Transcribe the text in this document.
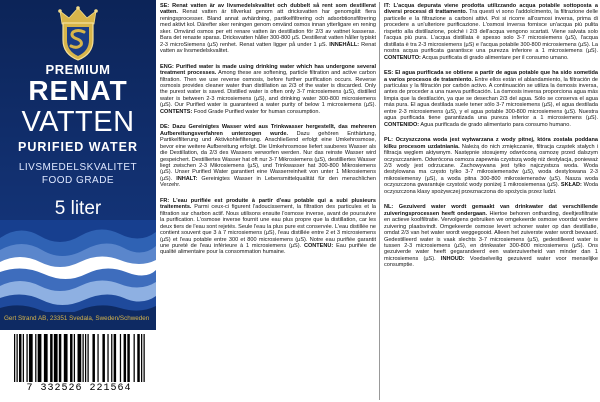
PREMIUM
RENAT
VATTEN
PURIFIED WATER
LIVSMEDELSKVALITET
FOOD GRADE
5 liter
Gert Strand AB, 23351 Svedala, Sweden/Schweden
7 332526 221564
SE: Renat vatten är av livsmedelskvalitet och dubbelt så rent som destillerat vatten. Renat vatten är tillverkat genom att dricksvatten har genomgått flera reningsprocesser. Bland annat avhärdning, partikelfiltrering och adsorbtionsfiltrering med aktivt kol. Därefter sker reningen genom omvänd osmos innan ytterligare en rening sker. Omvänd osmos per ett renare vatten än destillation för 2/3 av vattnet kasseras. Bara det renaste sparas. Dricksvatten håller 300-800 µS. Destillerat vatten håller typiskt 2-3 microSiemens (µS) renhet. Renat vatten ligger på under 1 µS. INNEHÅLL: Renat vatten av livsmedelskvalitet.
ENG: Purified water is made using drinking water which has undergone several treatment processes. Among these are softening, particle filtration and active carbon filtration. Then we use reverse osmosis, before further purification occurs. Reverse osmosis provides cleaner water than distillation as 2/3 of the water is discarded. Only the purest water is saved. Distilled water is often only 3-7 microsiemens (µS), distilled water is between 2-3 microsiemens (µS), and drinking water 300-800 microsiemens (µS). Our Purified water is guaranteed a water purity of below 1 microsiemens (µS). CONTENTS: Food Grade Purified water for human consumption.
DE: Dazu Gereinigtes Wasser wird aus Trinkwasser hergestellt, das mehreren Aufbereitungsverfahren unterzogen wurde. Dazu gehören Enthärtung, Partikelfilterung und Aktivkohlefilterung. Anschließend erfolgt eine Umkehrosmose, bevor eine weitere Aufbereitung erfolgt. Die Umkehrosmose liefert sauberes Wasser als die Destillation, da 2/3 des Wassers verworfen werden. Nur das reinste Wasser wird gespeichert. Destilliertes Wasser hat oft nur 3-7 Mikrosiemens (µS), destilliertes Wasser liegt zwischen 2-3 Mikrosiemens (µS), und Trinkwasser hat 300-800 Mikrosiemens (µS). Unser Purified Water garantiert eine Wasserreinheit von unter 1 Mikrosiemens (µS). INHALT: Gereinigtes Wasser in Lebensmittelqualität für den menschlichen Verzehr.
FR: L'eau purifiée est produite à partir d'eau potable qui a subi plusieurs traitements. Parmi ceux-ci figurent l'adoucissement, la filtration des particules et la filtration sur charbon actif. Nous utilisons ensuite l'osmose inverse, avant de poursuivre la purification. L'osmose inverse fournit une eau plus propre que la distillation, car les deux tiers de l'eau sont rejetés. Seule l'eau la plus pure est conservée. L'eau distillée ne contient souvent que 3 à 7 microsiemens (µS), l'eau distillée entre 2 et 3 microsiemens (µS) et l'eau potable entre 300 et 800 microsiemens (µS). Notre eau purifiée garantit une pureté de l'eau inférieure à 1 microsiemens (µS). CONTENU: Eau purifiée de qualité alimentaire pour la consommation humaine.
IT: L'acqua depurata viene prodotta utilizzando acqua potabile sottoposta a diversi processi di trattamento. Tra questi vi sono l'addolcimento, la filtrazione delle particelle e la filtrazione a carboni attivi. Poi si ricorre all'osmosi inversa, prima di procedere a un'ulteriore purificazione. L'osmosi inversa fornisce un'acqua più pulita rispetto alla distillazione, poiché i 2/3 dell'acqua vengono scartati. Viene salvata solo l'acqua più pura. L'acqua distillata è spesso solo 3-7 microsiemens (µS), l'acqua distillata è tra 2-3 microsiemens (µS) e l'acqua potabile 300-800 microsiemens (µS). La nostra acqua purificata garantisce una purezza inferiore a 1 microsiemens (µS). CONTENUTO: Acqua purificata di grado alimentare per il consumo umano.
ES: El agua purificada se obtiene a partir de agua potable que ha sido sometida a varios procesos de tratamiento. Entre ellos están el ablandamiento, la filtración de partículas y la filtración por carbón activo. A continuación se utiliza la ósmosis inversa, antes de proceder a una nueva purificación. La ósmosis inversa proporciona agua más limpia que la destilación, ya que se desechan 2/3 del agua. Sólo se conserva el agua más pura. El agua destilada suele tener sólo 3-7 microsiemens (µS), el agua destilada entre 2-3 microsiemens (µS), y el agua potable 300-800 microsiemens (µS). Nuestra agua purificada tiene garantizada una pureza inferior a 1 microsiemens (µS). CONTENIDO: Agua purificada de grado alimentario para consumo humano.
PL: Oczyszczona woda jest wytwarzana z wody pitnej, która została poddana kilku procesom uzdatniania. Należą do nich zmiękczanie, filtracja cząstek stałych i filtracja węglem aktywnym. Następnie stosujemy odwróconą osmozę przed dalszym oczyszczaniem. Odwrócona osmoza zapewnia czystszą wodę niż destylacja, ponieważ 2/3 wody jest odrzucane. Zachowywana jest tylko najczystsza woda. Woda destylowana ma często tylko 3-7 mikrosiemensów (µS), woda destylowana 2-3 mikrosiemensy (µS), a woda pitna 300-800 mikrosiemensów (µS). Nasza woda oczyszczona gwarantuje czystość wody poniżej 1 mikrosiemensa (µS). SKŁAD: Woda oczyszczona klasy spożywczej przeznaczona do spożycia przez ludzi.
NL: Gezuiverd water wordt gemaakt van drinkwater dat verschillende zuiveringsprocessen heeft ondergaan. Hiertoe behoren ontharding, deeltjesfiltratie en actieve koolfiltratie. Vervolgens gebruiken we omgekeerde osmose voordat verdere zuivering plaatsvindt. Omgekeerde osmose levert schoner water op dan destillatie, omdat 2/3 van het water wordt weggegooid. Alleen het zuiverste water wordt bewaard. Gedestilleerd water is vaak slechts 3-7 microsiemens (µS), gedestilleerd water is tussen 2-3 microsiemens (µS), en drinkwater 300-800 microsiemens (µS). Ons gezuiverde water heeft gegarandeerd een waterzuiverheid van minder dan 1 microsiemens (µS). INHOUD: Voedselveilig gezuiverd water voor menselijke consumptie.
